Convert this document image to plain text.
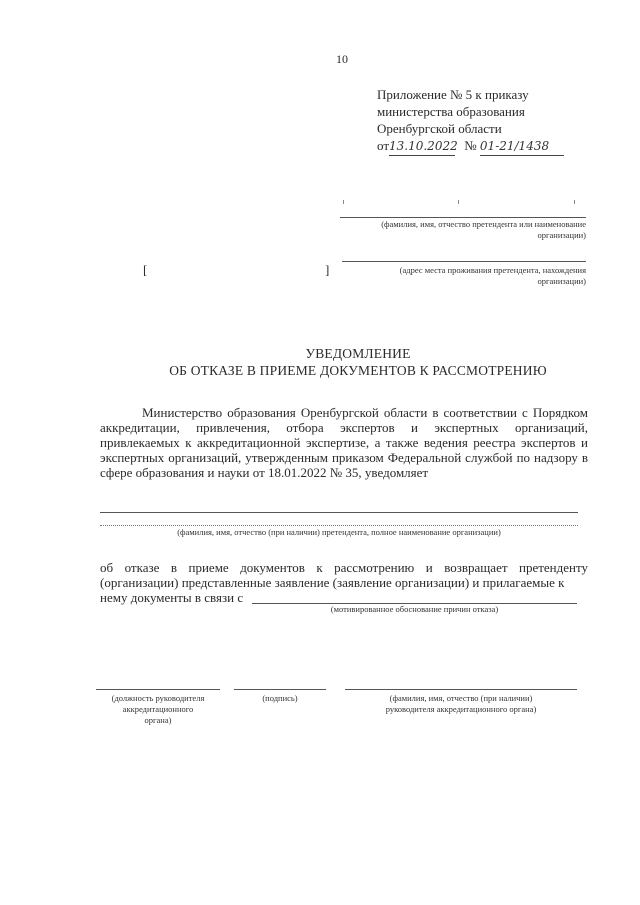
10
Приложение № 5 к приказу
министерства образования
Оренбургской области
от13.10.2022 № 01-21/1438
(фамилия, имя, отчество претендента или наименование
организации)
[	]	(адрес места проживания претендента, нахождения
организации)
УВЕДОМЛЕНИЕ
ОБ ОТКАЗЕ В ПРИЕМЕ ДОКУМЕНТОВ К РАССМОТРЕНИЮ
Министерство образования Оренбургской области в соответствии с Порядком аккредитации, привлечения, отбора экспертов и экспертных организаций, привлекаемых к аккредитационной экспертизе, а также ведения реестра экспертов и экспертных организаций, утвержденным приказом Федеральной службой по надзору в сфере образования и науки от 18.01.2022 № 35, уведомляет
(фамилия, имя, отчество (при наличии) претендента, полное наименование организации)
об отказе в приеме документов к рассмотрению и возвращает претенденту (организации) представленные заявление (заявление организации) и прилагаемые к
нему документы в связи с
(мотивированное обоснование причин отказа)
(должность руководителя
аккредитационного
органа)
(подпись)	(фамилия, имя, отчество (при наличии)
руководителя аккредитационного органа)
